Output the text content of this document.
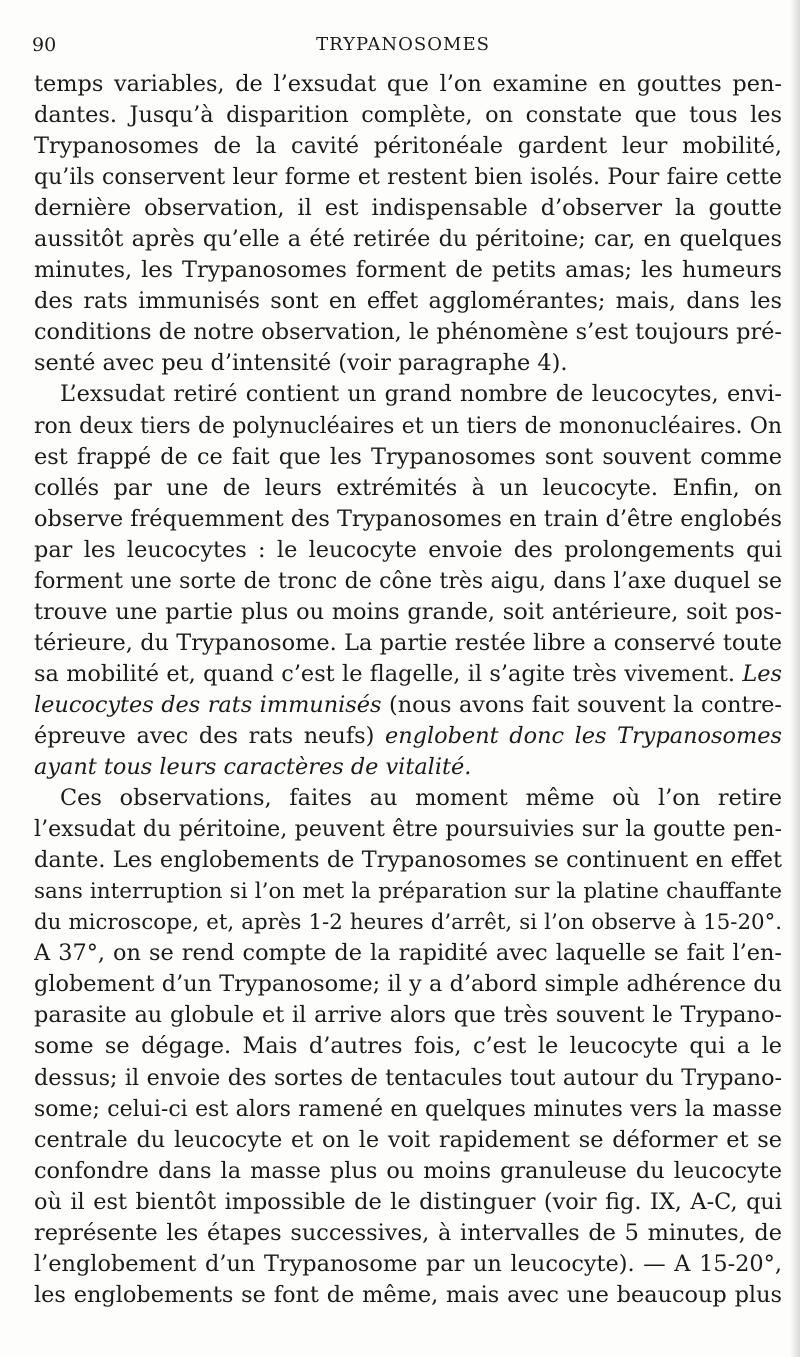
90	TRYPANOSOMES
temps variables, de l’exsudat que l’on examine en gouttes pen-
dantes. Jusqu’à disparition complète, on constate que tous les
Trypanosomes de la cavité péritonéale gardent leur mobilité,
qu’ils conservent leur forme et restent bien isolés. Pour faire cette
dernière observation, il est indispensable d’observer la goutte
aussitôt après qu’elle a été retirée du péritoine; car, en quelques
minutes, les Trypanosomes forment de petits amas; les humeurs
des rats immunisés sont en effet agglomérantes; mais, dans les
conditions de notre observation, le phénomène s’est toujours pré-
senté avec peu d’intensité (voir paragraphe 4).
L’exsudat retiré contient un grand nombre de leucocytes, envi-
ron deux tiers de polynucléaires et un tiers de mononucléaires. On
est frappé de ce fait que les Trypanosomes sont souvent comme
collés par une de leurs extrémités à un leucocyte. Enfin, on
observe fréquemment des Trypanosomes en train d’être englobés
par les leucocytes : le leucocyte envoie des prolongements qui
forment une sorte de tronc de cône très aigu, dans l’axe duquel se
trouve une partie plus ou moins grande, soit antérieure, soit pos-
térieure, du Trypanosome. La partie restée libre a conservé toute
sa mobilité et, quand c’est le flagelle, il s’agite très vivement. Les
leucocytes des rats immunisés (nous avons fait souvent la contre-
épreuve avec des rats neufs) englobent donc les Trypanosomes
ayant tous leurs caractères de vitalité.
Ces observations, faites au moment même où l’on retire
l’exsudat du péritoine, peuvent être poursuivies sur la goutte pen-
dante. Les englobements de Trypanosomes se continuent en effet
sans interruption si l’on met la préparation sur la platine chauffante
du microscope, et, après 1-2 heures d’arrêt, si l’on observe à 15-20°.
A 37°, on se rend compte de la rapidité avec laquelle se fait l’en-
globement d’un Trypanosome; il y a d’abord simple adhérence du
parasite au globule et il arrive alors que très souvent le Trypano-
some se dégage. Mais d’autres fois, c’est le leucocyte qui a le
dessus; il envoie des sortes de tentacules tout autour du Trypano-
some; celui-ci est alors ramené en quelques minutes vers la masse
centrale du leucocyte et on le voit rapidement se déformer et se
confondre dans la masse plus ou moins granuleuse du leucocyte
où il est bientôt impossible de le distinguer (voir fig. IX, A-C, qui
représente les étapes successives, à intervalles de 5 minutes, de
l’englobement d’un Trypanosome par un leucocyte). — A 15-20°,
les englobements se font de même, mais avec une beaucoup plus
